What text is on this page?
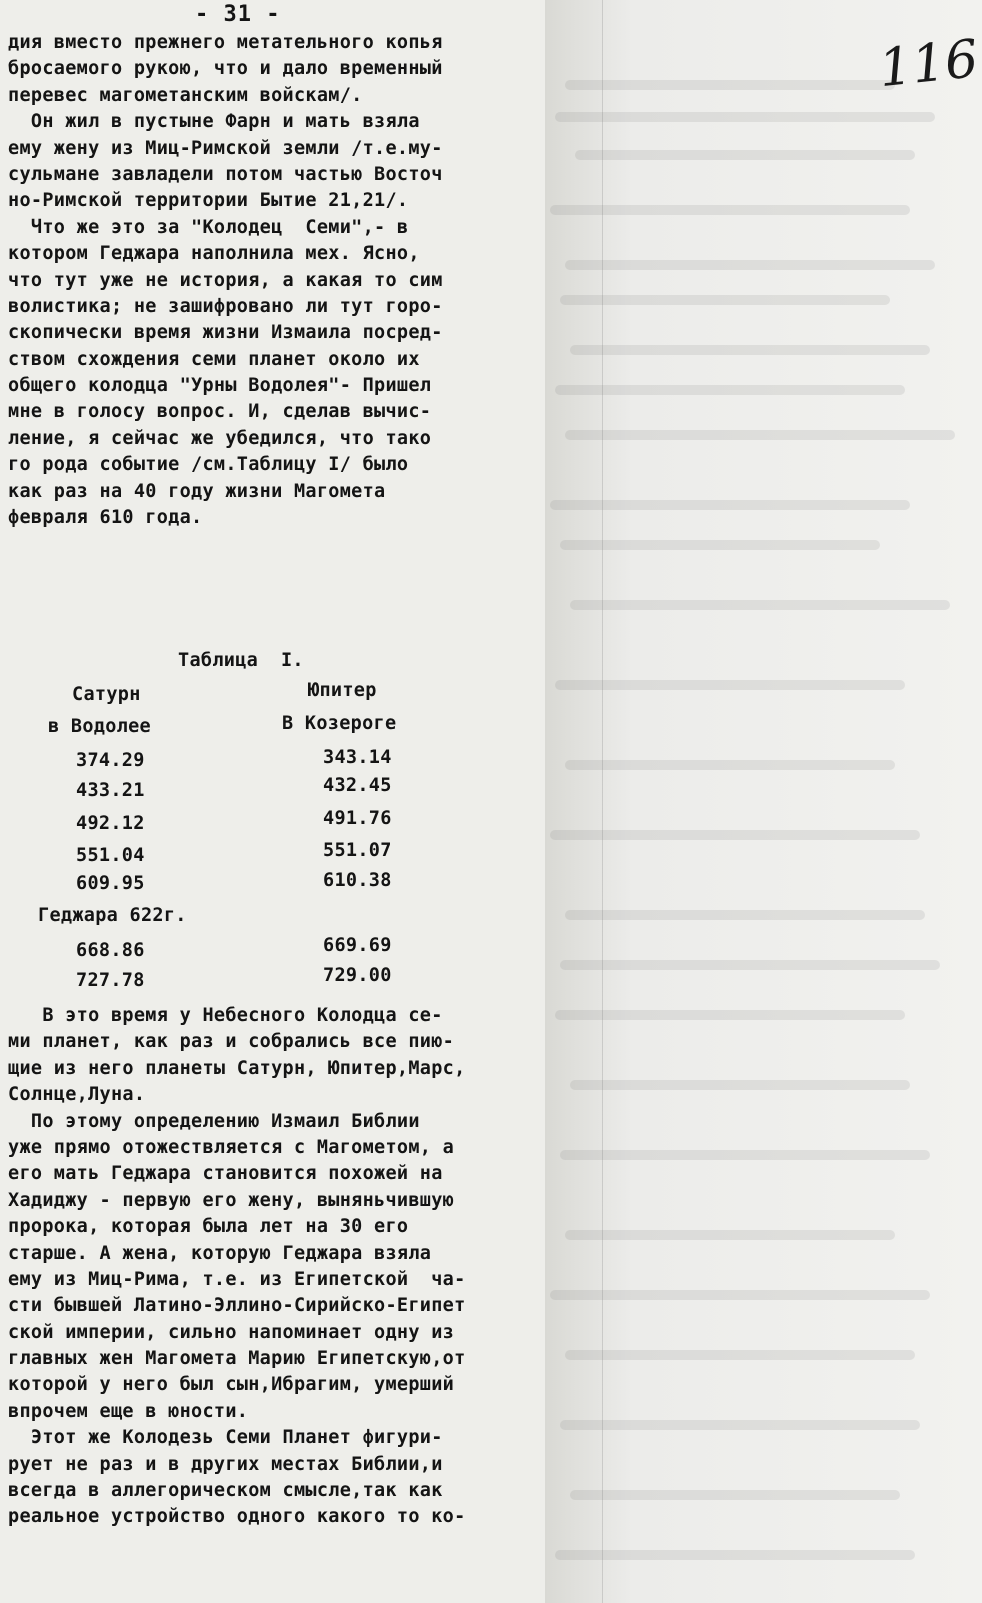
- 31 -
116
дия вместо прежнего метательного копья
бросаемого рукою, что и дало временный
перевес магометанским войскам/.
Он жил в пустыне Фарн и мать взяла
ему жену из Миц-Римской земли /т.е.му-
сульмане завладели потом частью Восточ
но-Римской территории Бытие 21,21/.
Что же это за "Колодец  Семи",- в
котором Геджара наполнила мех. Ясно,
что тут уже не история, а какая то сим
волистика; не зашифровано ли тут горо-
скопически время жизни Измаила посред-
ством схождения семи планет около их
общего колодца "Урны Водолея"- Пришел
мне в голосу вопрос. И, сделав вычис-
ление, я сейчас же убедился, что тако
го рода событие /см.Таблицу I/ было
как раз на 40 году жизни Магомета
февраля 610 года.
Таблица  I.
Сатурн	Юпитер
в Водолее	В Козероге
374.29	343.14
433.21	432.45
492.12	491.76
551.04	551.07
609.95	610.38
Геджара 622г.
668.86	669.69
727.78	729.00
В это время у Небесного Колодца се-
ми планет, как раз и собрались все пию-
щие из него планеты Сатурн, Юпитер,Марс,
Солнце,Луна.
По этому определению Измаил Библии
уже прямо отожествляется с Магометом, а
его мать Геджара становится похожей на
Хадиджу - первую его жену, выняньчившую
пророка, которая была лет на 30 его
старше. А жена, которую Геджара взяла
ему из Миц-Рима, т.е. из Египетской  ча-
сти бывшей Латино-Эллино-Сирийско-Египет
ской империи, сильно напоминает одну из
главных жен Магомета Марию Египетскую,от
которой у него был сын,Ибрагим, умерший
впрочем еще в юности.
Этот же Колодезь Семи Планет фигури-
рует не раз и в других местах Библии,и
всегда в аллегорическом смысле,так как
реальное устройство одного какого то ко-
